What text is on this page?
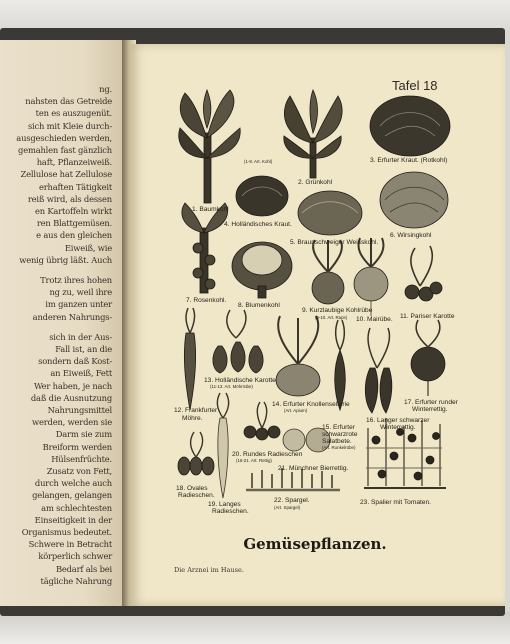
ng.
nahsten das Getreide
ten es auszugenüt.
sich mit Kleie durch-
ausgeschieden werden,
gemahlen fast gänzlich
haft, Pflanzeiweiß.
Zellulose hat Zellulose
erhaften Tätigkeit
reiß wird, als dessen
en Kartoffeln wirkt
ren Blattgemüsen.
e aus den gleichen
Eiweiß, wie
wenig übrig läßt. Auch
Trotz ihres hohen
ng zu, weil ihre
im ganzen unter
anderen Nahrungs-
sich in der Aus-
Fall ist, an die
sondern daß Kost-
an Eiweiß, Fett
Wer haben, je nach
daß die Ausnutzung
Nahrungsmittel
werden, werden sie
Darm sie zum
Breiform werden
Hülsenfrüchte.
Zusatz von Fett,
durch welche auch
gelangen, gelangen
am schlechtesten
Einseitigkeit in der
Organismus bedeutet.
Schwere in Betracht
körperlich schwer
Bedarf als bei
tägliche Nahrung
Tafel 18
(1-8. Art. Kohl)
1. Baumkohl
2. Grünkohl
3. Erfurter Kraut. (Rotkohl)
4. Holländisches Kraut.
5. Braunschweiger Weisskohl.
6. Wirsingkohl
7. Rosenkohl.
8. Blumenkohl
9. Kurzlaubige Kohlrübe
(9-10. Art. Raps) 10. Mairübe. 11. Pariser Karotte
13. Holländische Karotte
(11-13. Art. Möhrrübe)
12. Frankfurter
Möhre.
14. Erfurter Knollensellerie
(Art. Apium)
15. Erfurter
schwarzrote
Salatbete.
(Art. Runkelrübe)
16. Langer schwarzer
Winterrettig.
17. Erfurter runder
Winterrettig.
20. Rundes Radieschen
(16-21. Art. Rettig)
21. Münchner Bierrettig.
18. Ovales
Radieschen.
19. Langes
Radieschen.
22. Spargel.
(Art. Spargel)
23. Spalier mit Tomaten.
Gemüsepflanzen.
Die Arznei im Hause.
